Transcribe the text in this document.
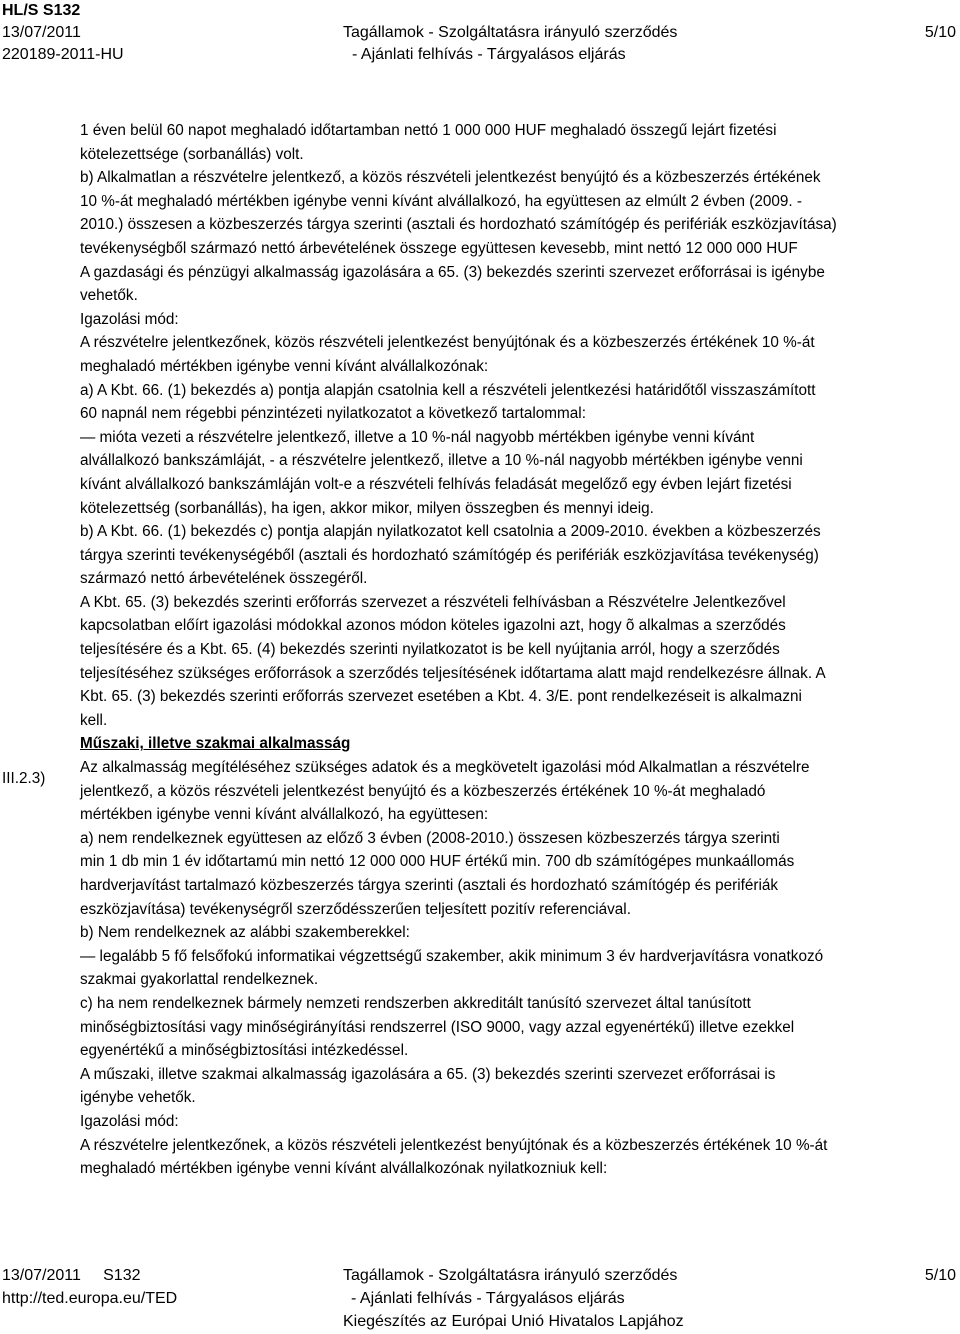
HL/S S132
13/07/2011
220189-2011-HU
Tagállamok - Szolgáltatásra irányuló szerződés
- Ajánlati felhívás - Tárgyalásos eljárás
5/10
III.2.3)
1 éven belül 60 napot meghaladó időtartamban nettó 1 000 000 HUF meghaladó összegű lejárt fizetési
kötelezettsége (sorbanállás) volt.
b) Alkalmatlan a részvételre jelentkező, a közös részvételi jelentkezést benyújtó és a közbeszerzés értékének
10 %-át meghaladó mértékben igénybe venni kívánt alvállalkozó, ha együttesen az elmúlt 2 évben (2009. -
2010.) összesen a közbeszerzés tárgya szerinti (asztali és hordozható számítógép és perifériák eszközjavítása)
tevékenységből származó nettó árbevételének összege együttesen kevesebb, mint nettó 12 000 000 HUF
A gazdasági és pénzügyi alkalmasság igazolására a 65. (3) bekezdés szerinti szervezet erőforrásai is igénybe
vehetők.
Igazolási mód:
A részvételre jelentkezőnek, közös részvételi jelentkezést benyújtónak és a közbeszerzés értékének 10 %-át
meghaladó mértékben igénybe venni kívánt alvállalkozónak:
a) A Kbt. 66. (1) bekezdés a) pontja alapján csatolnia kell a részvételi jelentkezési határidőtől visszaszámított
60 napnál nem régebbi pénzintézeti nyilatkozatot a következő tartalommal:
— mióta vezeti a részvételre jelentkező, illetve a 10 %-nál nagyobb mértékben igénybe venni kívánt
alvállalkozó bankszámláját, - a részvételre jelentkező, illetve a 10 %-nál nagyobb mértékben igénybe venni
kívánt alvállalkozó bankszámláján volt-e a részvételi felhívás feladását megelőző egy évben lejárt fizetési
kötelezettség (sorbanállás), ha igen, akkor mikor, milyen összegben és mennyi ideig.
b) A Kbt. 66. (1) bekezdés c) pontja alapján nyilatkozatot kell csatolnia a 2009-2010. években a közbeszerzés
tárgya szerinti tevékenységéből (asztali és hordozható számítógép és perifériák eszközjavítása tevékenység)
származó nettó árbevételének összegéről.
A Kbt. 65. (3) bekezdés szerinti erőforrás szervezet a részvételi felhívásban a Részvételre Jelentkezővel
kapcsolatban előírt igazolási módokkal azonos módon köteles igazolni azt, hogy õ alkalmas a szerződés
teljesítésére és a Kbt. 65. (4) bekezdés szerinti nyilatkozatot is be kell nyújtania arról, hogy a szerződés
teljesítéséhez szükséges erőforrások a szerződés teljesítésének időtartama alatt majd rendelkezésre állnak. A
Kbt. 65. (3) bekezdés szerinti erőforrás szervezet esetében a Kbt. 4. 3/E. pont rendelkezéseit is alkalmazni
kell.

Műszaki, illetve szakmai alkalmasság

Az alkalmasság megítéléséhez szükséges adatok és a megkövetelt igazolási mód Alkalmatlan a részvételre
jelentkező, a közös részvételi jelentkezést benyújtó és a közbeszerzés értékének 10 %-át meghaladó
mértékben igénybe venni kívánt alvállalkozó, ha együttesen:
a) nem rendelkeznek együttesen az előző 3 évben (2008-2010.) összesen közbeszerzés tárgya szerinti
min 1 db min 1 év időtartamú min nettó 12 000 000 HUF értékű min. 700 db számítógépes munkaállomás
hardverjavítást tartalmazó közbeszerzés tárgya szerinti (asztali és hordozható számítógép és perifériák
eszközjavítása) tevékenységről szerződésszerűen teljesített pozitív referenciával.
b) Nem rendelkeznek az alábbi szakemberekkel:
— legalább 5 fő felsőfokú informatikai végzettségű szakember, akik minimum 3 év hardverjavításra vonatkozó
szakmai gyakorlattal rendelkeznek.
c) ha nem rendelkeznek bármely nemzeti rendszerben akkreditált tanúsító szervezet által tanúsított
minőségbiztosítási vagy minőségirányítási rendszerrel (ISO 9000, vagy azzal egyenértékű) illetve ezekkel
egyenértékű a minőségbiztosítási intézkedéssel.
A műszaki, illetve szakmai alkalmasság igazolására a 65. (3) bekezdés szerinti szervezet erőforrásai is
igénybe vehetők.
Igazolási mód:
A részvételre jelentkezőnek, a közös részvételi jelentkezést benyújtónak és a közbeszerzés értékének 10 %-át
meghaladó mértékben igénybe venni kívánt alvállalkozónak nyilatkozniuk kell:
13/07/2011     S132
http://ted.europa.eu/TED
Tagállamok - Szolgáltatásra irányuló szerződés
- Ajánlati felhívás - Tárgyalásos eljárás
Kiegészítés az Európai Unió Hivatalos Lapjához
5/10
